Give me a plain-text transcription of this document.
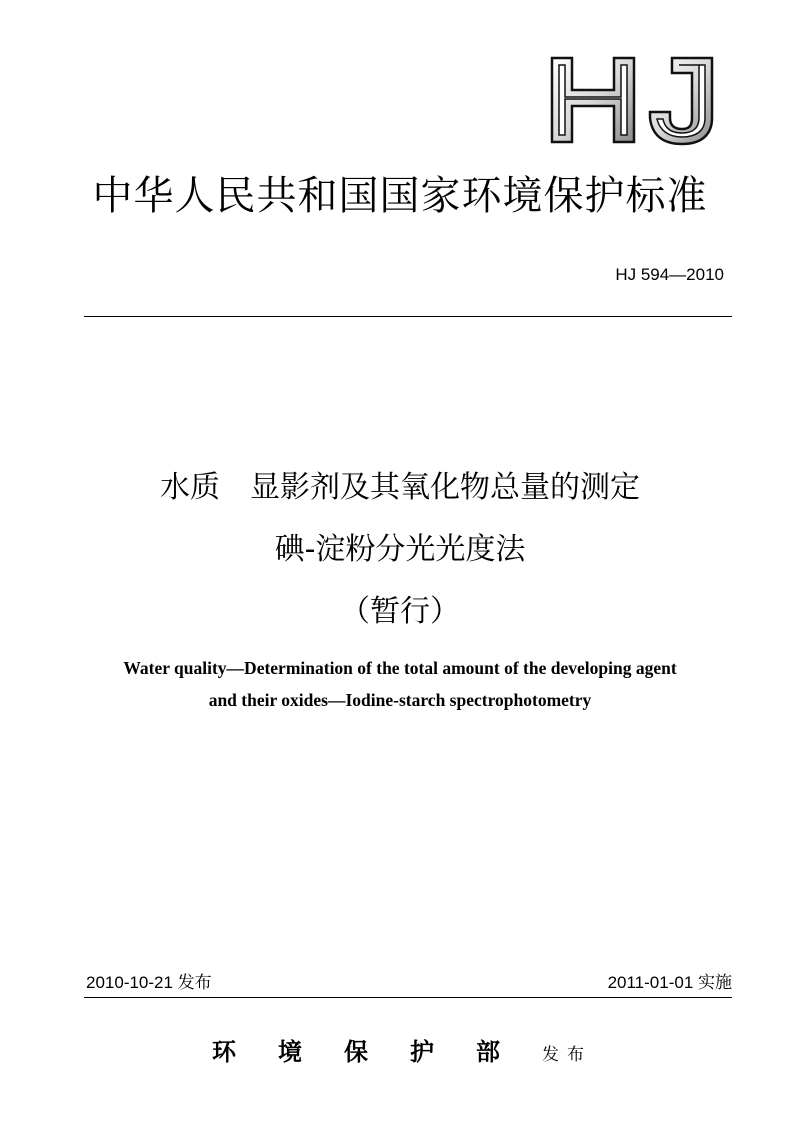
中华人民共和国国家环境保护标准
HJ 594—2010
水质　显影剂及其氧化物总量的测定
碘-淀粉分光光度法
（暂行）
Water quality—Determination of the total amount of the developing agent
and their oxides—Iodine-starch spectrophotometry
2010-10-21 发布	2011-01-01 实施
环境保护部发布
